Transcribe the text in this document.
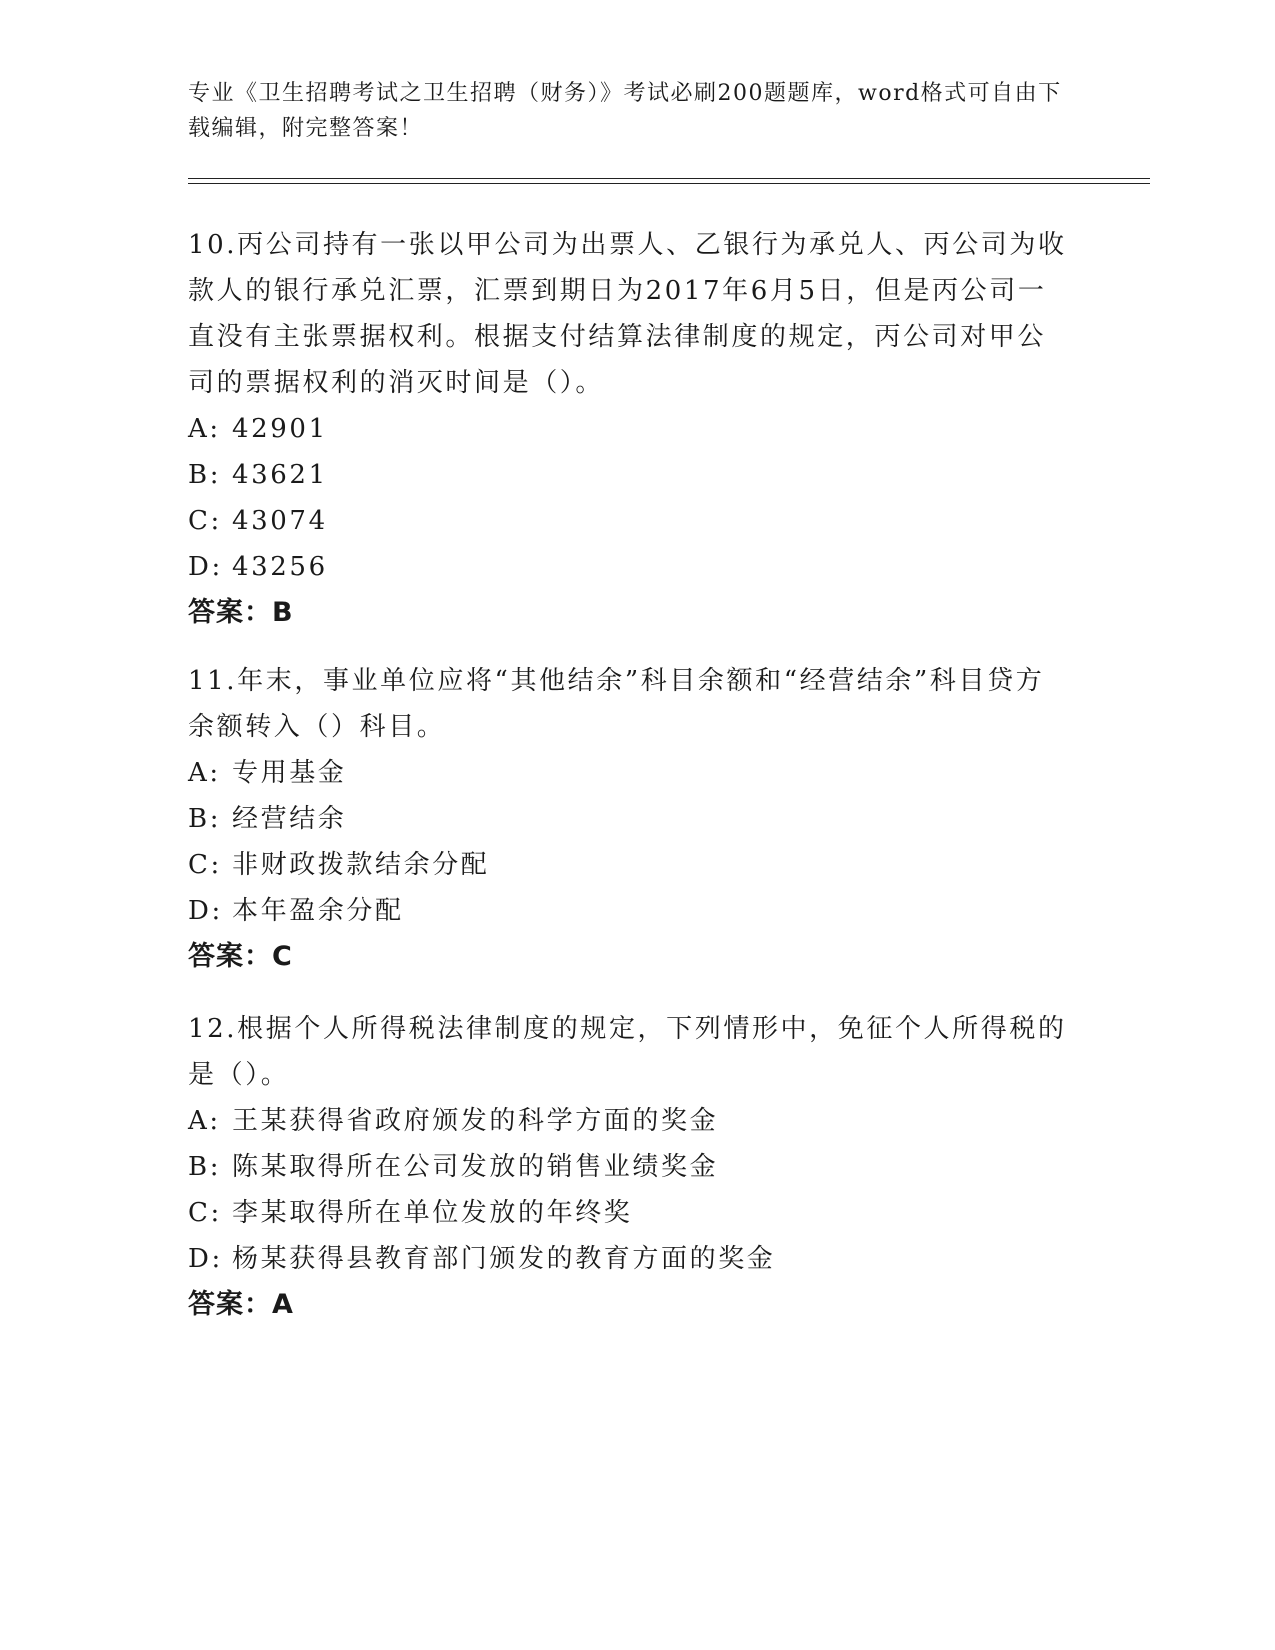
专业《卫生招聘考试之卫生招聘（财务）》考试必刷200题题库，word格式可自由下载编辑，附完整答案！
10.丙公司持有一张以甲公司为出票人、乙银行为承兑人、丙公司为收款人的银行承兑汇票，汇票到期日为2017年6月5日，但是丙公司一直没有主张票据权利。根据支付结算法律制度的规定，丙公司对甲公司的票据权利的消灭时间是（）。
A: 42901
B: 43621
C: 43074
D: 43256
答案：B
11.年末，事业单位应将“其他结余”科目余额和“经营结余”科目贷方余额转入（）科目。
A: 专用基金
B: 经营结余
C: 非财政拨款结余分配
D: 本年盈余分配
答案：C
12.根据个人所得税法律制度的规定，下列情形中，免征个人所得税的是（）。
A: 王某获得省政府颁发的科学方面的奖金
B: 陈某取得所在公司发放的销售业绩奖金
C: 李某取得所在单位发放的年终奖
D: 杨某获得县教育部门颁发的教育方面的奖金
答案：A
